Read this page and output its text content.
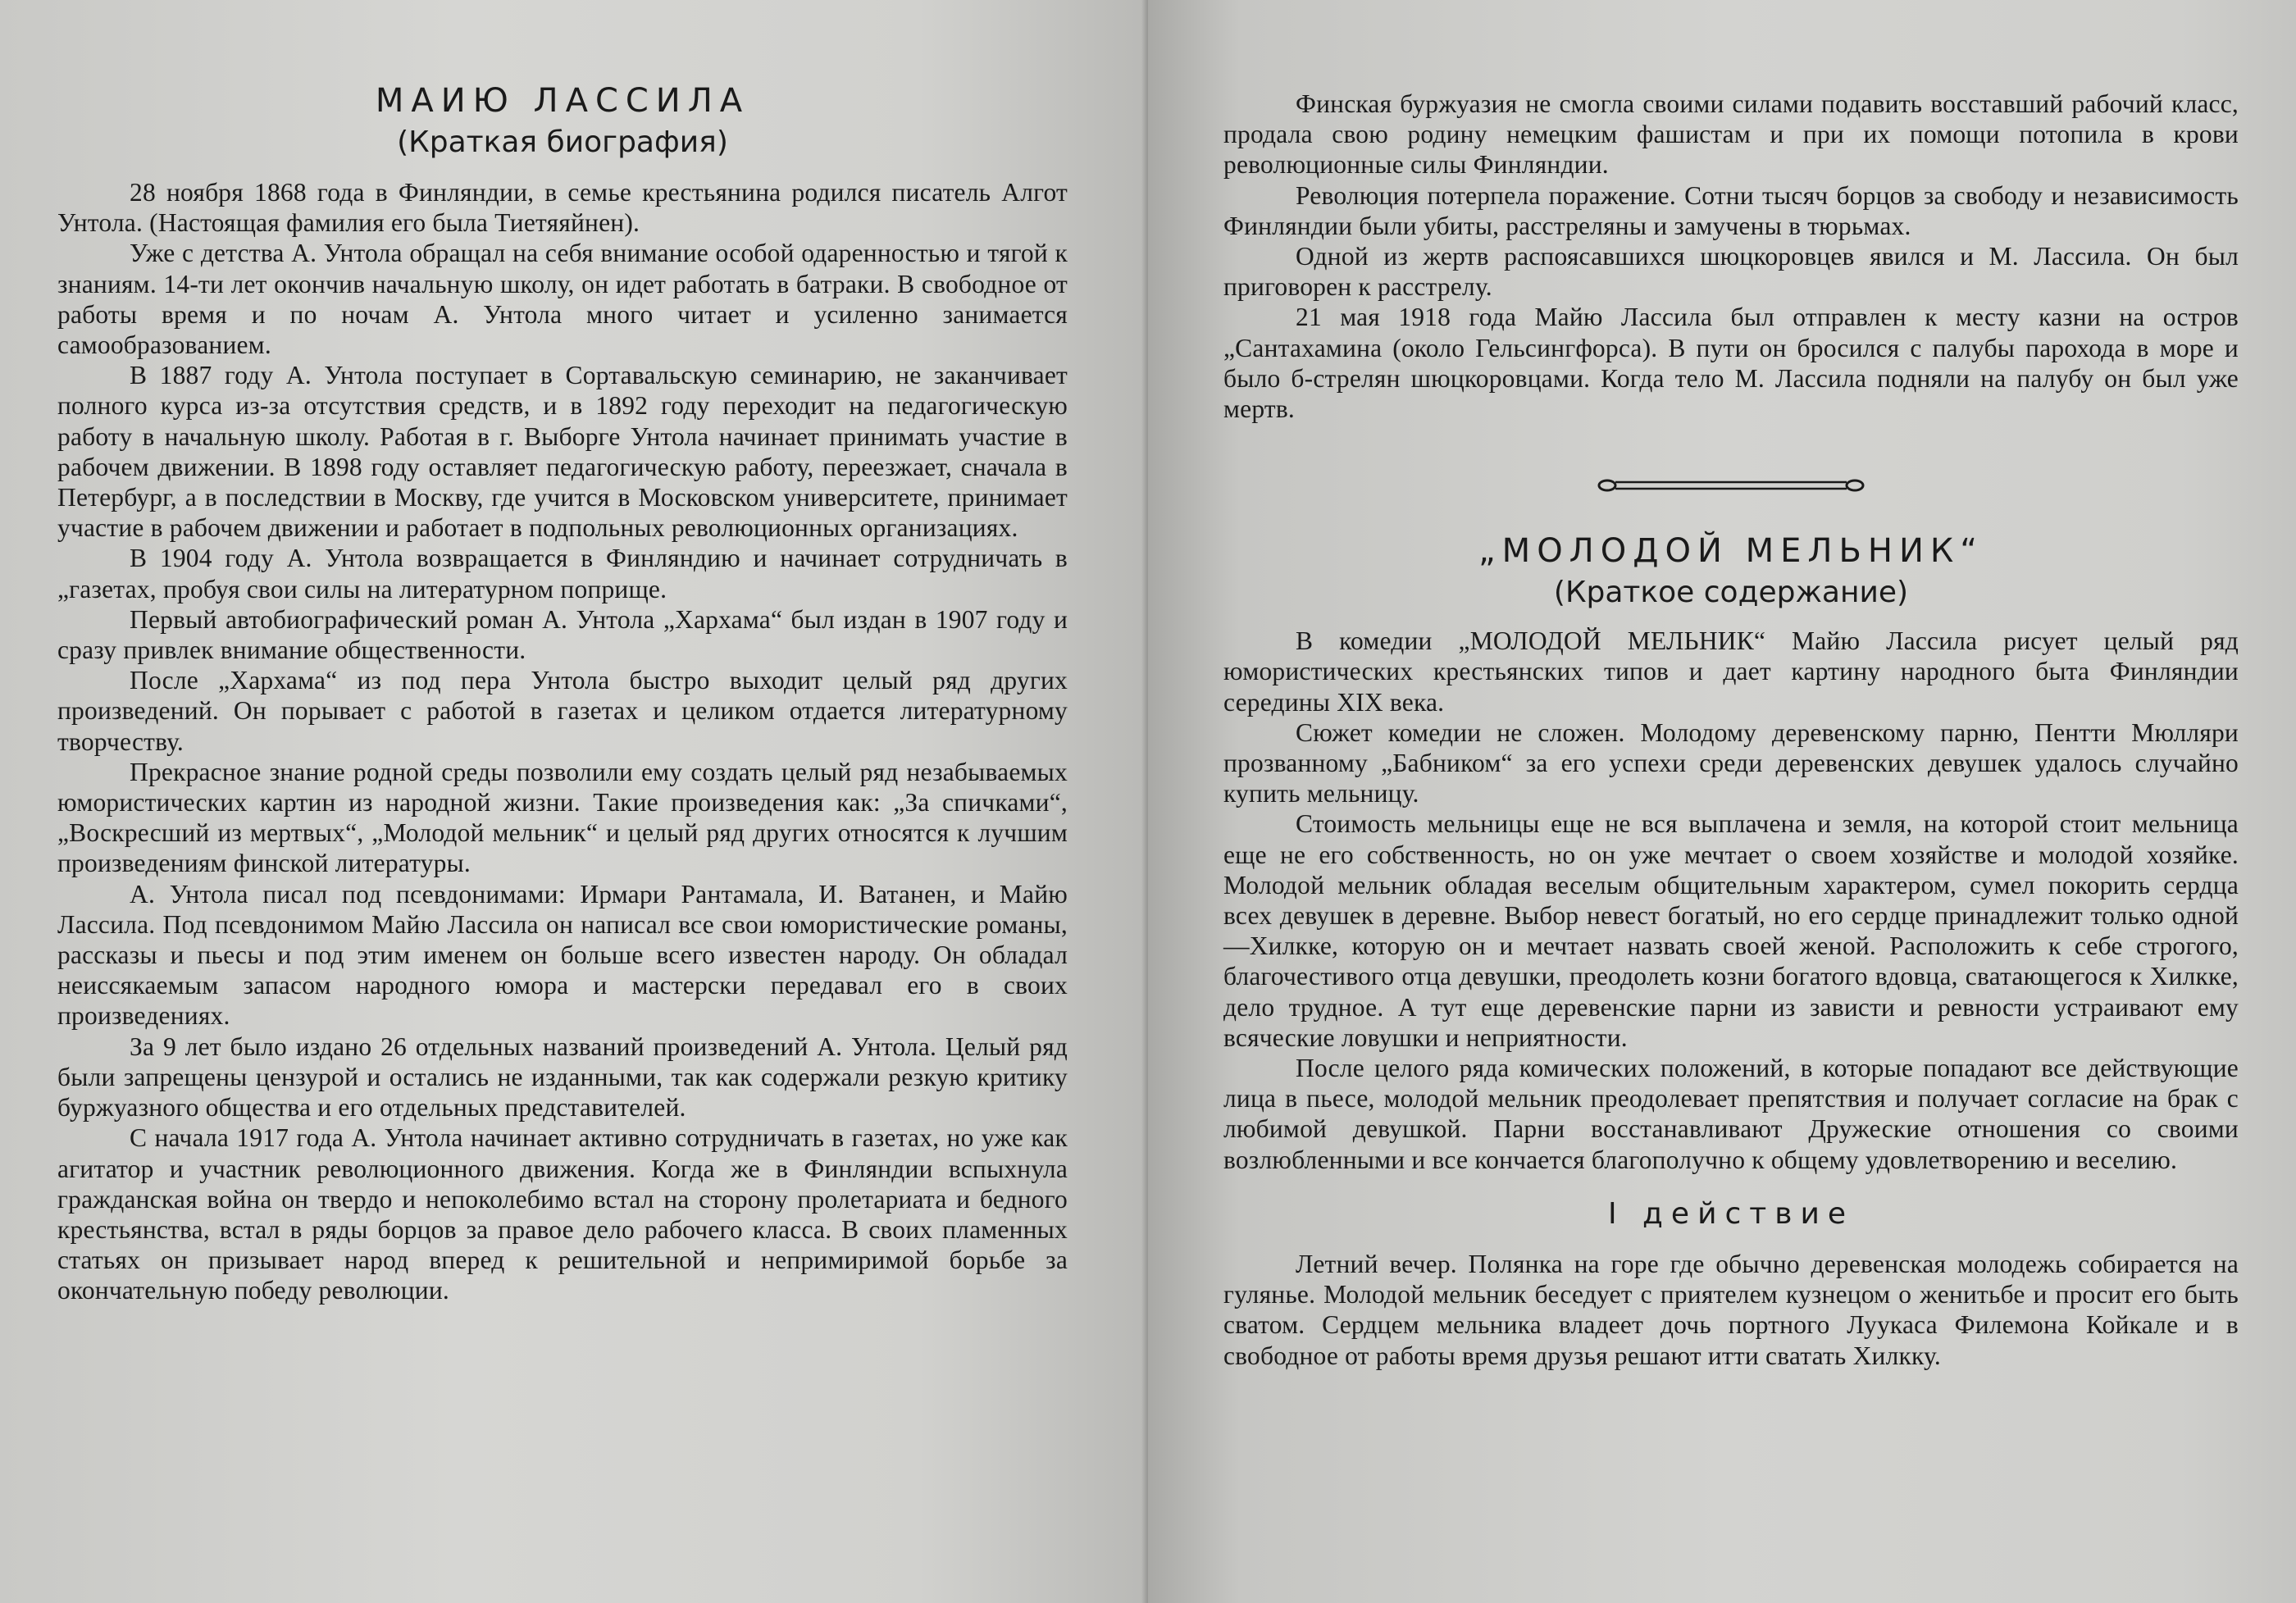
МАИЮ ЛАССИЛА
(Краткая биография)

28 ноября 1868 года в Финляндии, в семье крестьянина родился писатель Алгот Унтола. (Настоящая фамилия его была Тиетяяйнен).

Уже с детства А. Унтола обращал на себя внимание особой одаренностью и тягой к знаниям. 14-ти лет окончив начальную школу, он идет работать в батраки. В свободное от работы время и по ночам А. Унтола много читает и усиленно занимается самообразованием.

В 1887 году А. Унтола поступает в Сортавальскую семинарию, не заканчивает полного курса из-за отсутствия средств, и в 1892 году переходит на педагогическую работу в начальную школу. Работая в г. Выборге Унтола начинает принимать участие в рабочем движении. В 1898 году оставляет педагогическую работу, переезжает, сначала в Петербург, а в последствии в Москву, где учится в Московском университете, принимает участие в рабочем движении и работает в подпольных революционных организациях.

В 1904 году А. Унтола возвращается в Финляндию и начинает сотрудничать в „газетах, пробуя свои силы на литературном поприще.

Первый автобиографический роман А. Унтола „Хархама“ был издан в 1907 году и сразу привлек внимание общественности.

После „Хархама“ из под пера Унтола быстро выходит целый ряд других произведений. Он порывает с работой в газетах и целиком отдается литературному творчеству.

Прекрасное знание родной среды позволили ему создать целый ряд незабываемых юмористических картин из народной жизни. Такие произведения как: „За спичками“, „Воскресший из мертвых“, „Молодой мельник“ и целый ряд других относятся к лучшим произведениям финской литературы.

А. Унтола писал под псевдонимами: Ирмари Рантамала, И. Ватанен, и Майю Лассила. Под псевдонимом Майю Лассила он написал все свои юмористические романы, рассказы и пьесы и под этим именем он больше всего известен народу. Он обладал неиссякаемым запасом народного юмора и мастерски передавал его в своих произведениях.

За 9 лет было издано 26 отдельных названий произведений А. Унтола. Целый ряд были запрещены цензурой и остались не изданными, так как содержали резкую критику буржуазного общества и его отдельных представителей.

С начала 1917 года А. Унтола начинает активно сотрудничать в газетах, но уже как агитатор и участник революционного движения. Когда же в Финляндии вспыхнула гражданская война он твердо и непоколебимо встал на сторону пролетариата и бедного крестьянства, встал в ряды борцов за правое дело рабочего класса. В своих пламенных статьях он призывает народ вперед к решительной и непримиримой борьбе за окончательную победу революции.

Финская буржуазия не смогла своими силами подавить восставший рабочий класс, продала свою родину немецким фашистам и при их помощи потопила в крови революционные силы Финляндии.

Революция потерпела поражение. Сотни тысяч борцов за свободу и независимость Финляндии были убиты, расстреляны и замучены в тюрьмах.

Одной из жертв распоясавшихся шюцкоровцев явился и М. Лассила. Он был приговорен к расстрелу.

21 мая 1918 года Майю Лассила был отправлен к месту казни на остров „Сантахамина (около Гельсингфорса). В пути он бросился с палубы парохода в море и было б-стрелян шюцкоровцами. Когда тело М. Лассила подняли на палубу он был уже мертв.

„МОЛОДОЙ МЕЛЬНИК“
(Краткое содержание)

В комедии „МОЛОДОЙ МЕЛЬНИК“ Майю Лассила рисует целый ряд юмористических крестьянских типов и дает картину народного быта Финляндии середины XIX века.

Сюжет комедии не сложен. Молодому деревенскому парню, Пентти Мюлляри прозванному „Бабником“ за его успехи среди деревенских девушек удалось случайно купить мельницу.

Стоимость мельницы еще не вся выплачена и земля, на которой стоит мельница еще не его собственность, но он уже мечтает о своем хозяйстве и молодой хозяйке. Молодой мельник обладая веселым общительным характером, сумел покорить сердца всех девушек в деревне. Выбор невест богатый, но его сердце принадлежит только одной—Хилкке, которую он и мечтает назвать своей женой. Расположить к себе строгого, благочестивого отца девушки, преодолеть козни богатого вдовца, сватающегося к Хилкке, дело трудное. А тут еще деревенские парни из зависти и ревности устраивают ему всяческие ловушки и неприятности.

После целого ряда комических положений, в которые попадают все действующие лица в пьесе, молодой мельник преодолевает препятствия и получает согласие на брак с любимой девушкой. Парни восстанавливают Дружеские отношения со своими возлюбленными и все кончается благополучно к общему удовлетворению и веселию.

I действие

Летний вечер. Полянка на горе где обычно деревенская молодежь собирается на гулянье. Молодой мельник беседует с приятелем кузнецом о женитьбе и просит его быть сватом. Сердцем мельника владеет дочь портного Луукаса Филемона Койкале и в свободное от работы время друзья решают итти сватать Хилкку.
